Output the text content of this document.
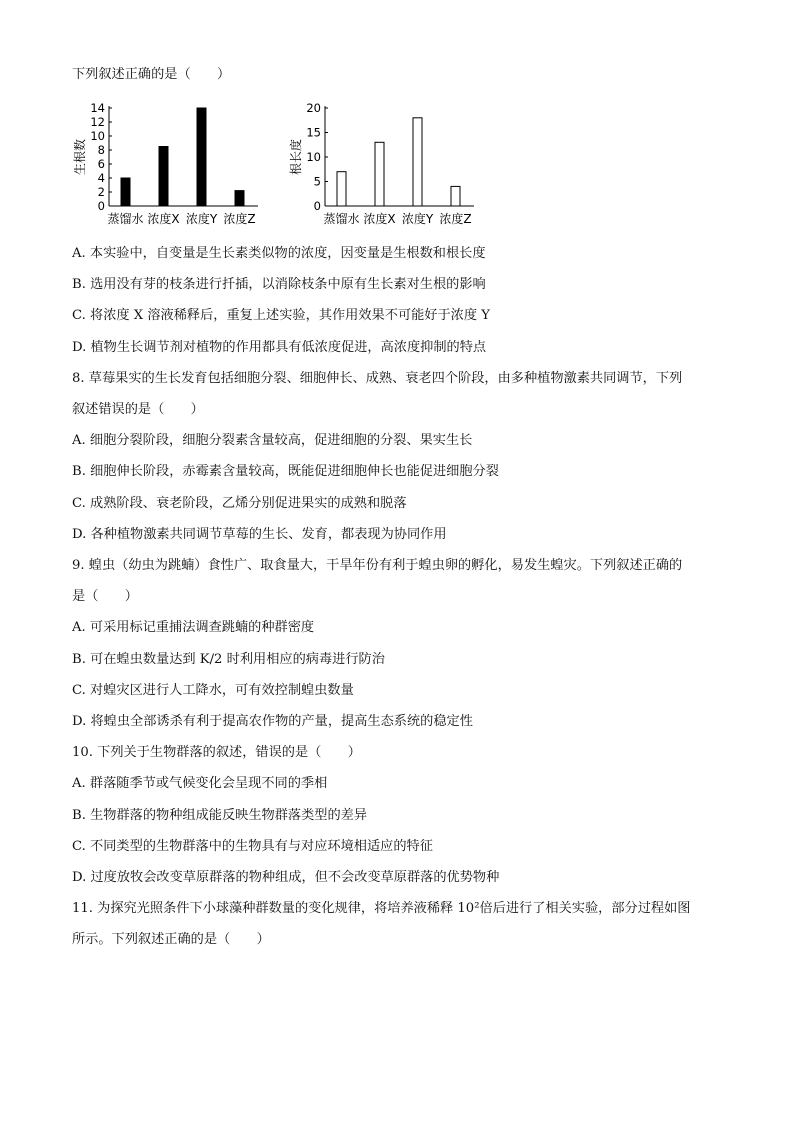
下列叙述正确的是（　　）
0
2
4
6
8
10
12
14
生根数
蒸馏水 浓度X 浓度Y 浓度Z
0
5
10
15
20
根长度
蒸馏水 浓度X 浓度Y 浓度Z
A. 本实验中，自变量是生长素类似物的浓度，因变量是生根数和根长度
B. 选用没有芽的枝条进行扦插，以消除枝条中原有生长素对生根的影响
C. 将浓度 X 溶液稀释后，重复上述实验，其作用效果不可能好于浓度 Y
D. 植物生长调节剂对植物的作用都具有低浓度促进，高浓度抑制的特点
8. 草莓果实的生长发育包括细胞分裂、细胞伸长、成熟、衰老四个阶段，由多种植物激素共同调节，下列
叙述错误的是（　　）
A. 细胞分裂阶段，细胞分裂素含量较高，促进细胞的分裂、果实生长
B. 细胞伸长阶段，赤霉素含量较高，既能促进细胞伸长也能促进细胞分裂
C. 成熟阶段、衰老阶段，乙烯分别促进果实的成熟和脱落
D. 各种植物激素共同调节草莓的生长、发育，都表现为协同作用
9. 蝗虫（幼虫为跳蝻）食性广、取食量大，干旱年份有利于蝗虫卵的孵化，易发生蝗灾。下列叙述正确的
是（　　）
A. 可采用标记重捕法调查跳蝻的种群密度
B. 可在蝗虫数量达到 K/2 时利用相应的病毒进行防治
C. 对蝗灾区进行人工降水，可有效控制蝗虫数量
D. 将蝗虫全部诱杀有利于提高农作物的产量，提高生态系统的稳定性
10. 下列关于生物群落的叙述，错误的是（　　）
A. 群落随季节或气候变化会呈现不同的季相
B. 生物群落的物种组成能反映生物群落类型的差异
C. 不同类型的生物群落中的生物具有与对应环境相适应的特征
D. 过度放牧会改变草原群落的物种组成，但不会改变草原群落的优势物种
11. 为探究光照条件下小球藻种群数量的变化规律，将培养液稀释 10²倍后进行了相关实验，部分过程如图
所示。下列叙述正确的是（　　）
